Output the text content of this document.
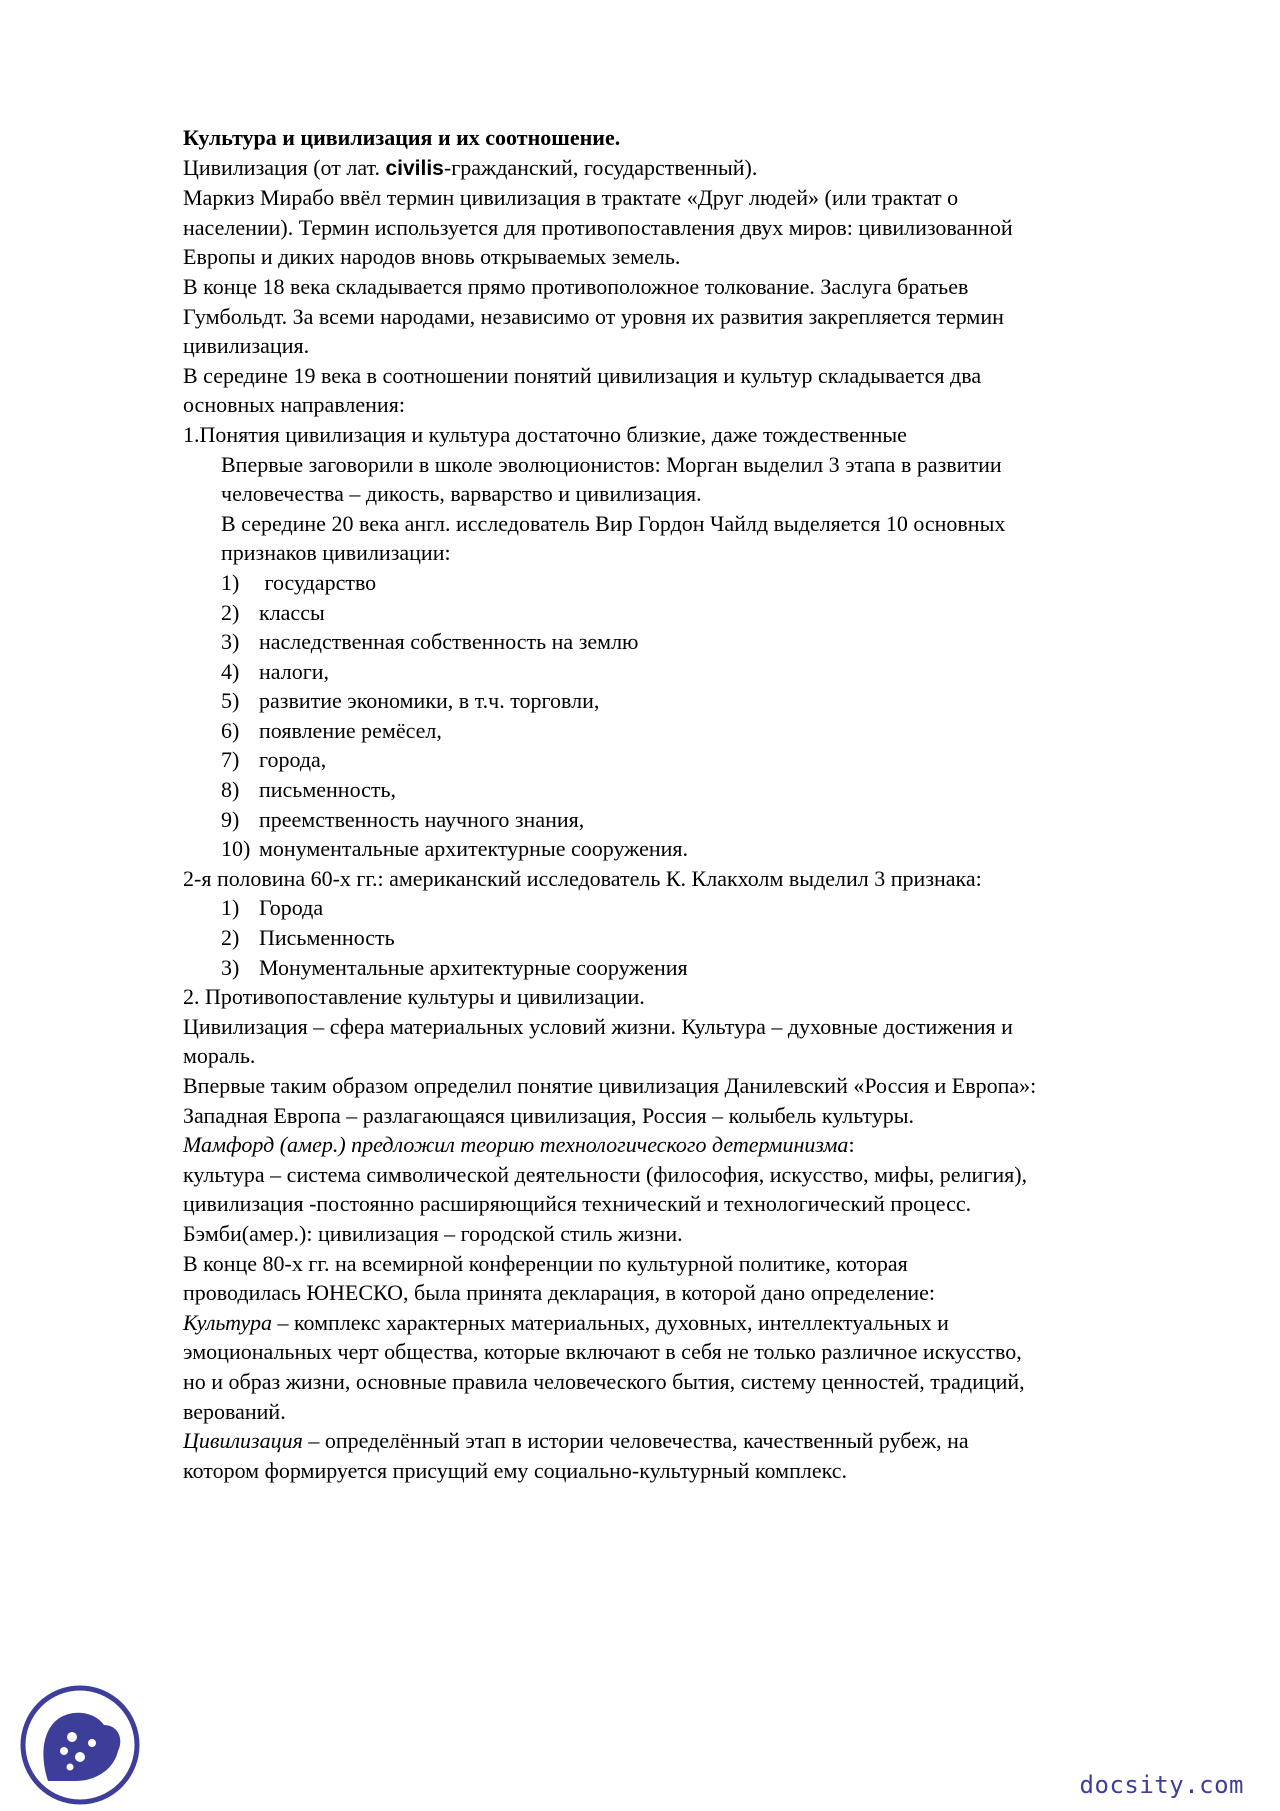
Культура и цивилизация и их соотношение.
Цивилизация (от лат. civilis-гражданский, государственный).
Маркиз Мирабо ввёл термин цивилизация в трактате «Друг людей» (или трактат о
населении). Термин используется для противопоставления двух миров: цивилизованной
Европы и диких народов вновь открываемых земель.
В конце 18 века складывается прямо противоположное толкование. Заслуга братьев
Гумбольдт. За всеми народами, независимо от уровня их развития закрепляется термин
цивилизация.
В середине 19 века в соотношении понятий цивилизация и культур складывается два
основных направления:
1.Понятия цивилизация и культура достаточно близкие, даже тождественные
Впервые заговорили в школе эволюционистов: Морган выделил 3 этапа в развитии
человечества – дикость, варварство и цивилизация.
В середине 20 века англ. исследователь Вир Гордон Чайлд выделяется 10 основных
признаков цивилизации:
1) государство
2) классы
3) наследственная собственность на землю
4) налоги,
5) развитие экономики, в т.ч. торговли,
6) появление ремёсел,
7) города,
8) письменность,
9) преемственность научного знания,
10) монументальные архитектурные сооружения.
2-я половина 60-х гг.: американский исследователь К. Клакхолм выделил 3 признака:
1) Города
2) Письменность
3) Монументальные архитектурные сооружения
2. Противопоставление культуры и цивилизации.
Цивилизация – сфера материальных условий жизни. Культура – духовные достижения и
мораль.
Впервые таким образом определил понятие цивилизация Данилевский «Россия и Европа»:
Западная Европа – разлагающаяся цивилизация, Россия – колыбель культуры.
Мамфорд (амер.) предложил теорию технологического детерминизма:
культура – система символической деятельности (философия, искусство, мифы, религия),
цивилизация -постоянно расширяющийся технический и технологический процесс.
Бэмби(амер.): цивилизация – городской стиль жизни.
В конце 80-х гг. на всемирной конференции по культурной политике, которая
проводилась ЮНЕСКО, была принята декларация, в которой дано определение:
Культура – комплекс характерных материальных, духовных, интеллектуальных и
эмоциональных черт общества, которые включают в себя не только различное искусство,
но и образ жизни, основные правила человеческого бытия, систему ценностей, традиций,
верований.
Цивилизация – определённый этап в истории человечества, качественный рубеж, на
котором формируется присущий ему социально-культурный комплекс.
docsity.com
